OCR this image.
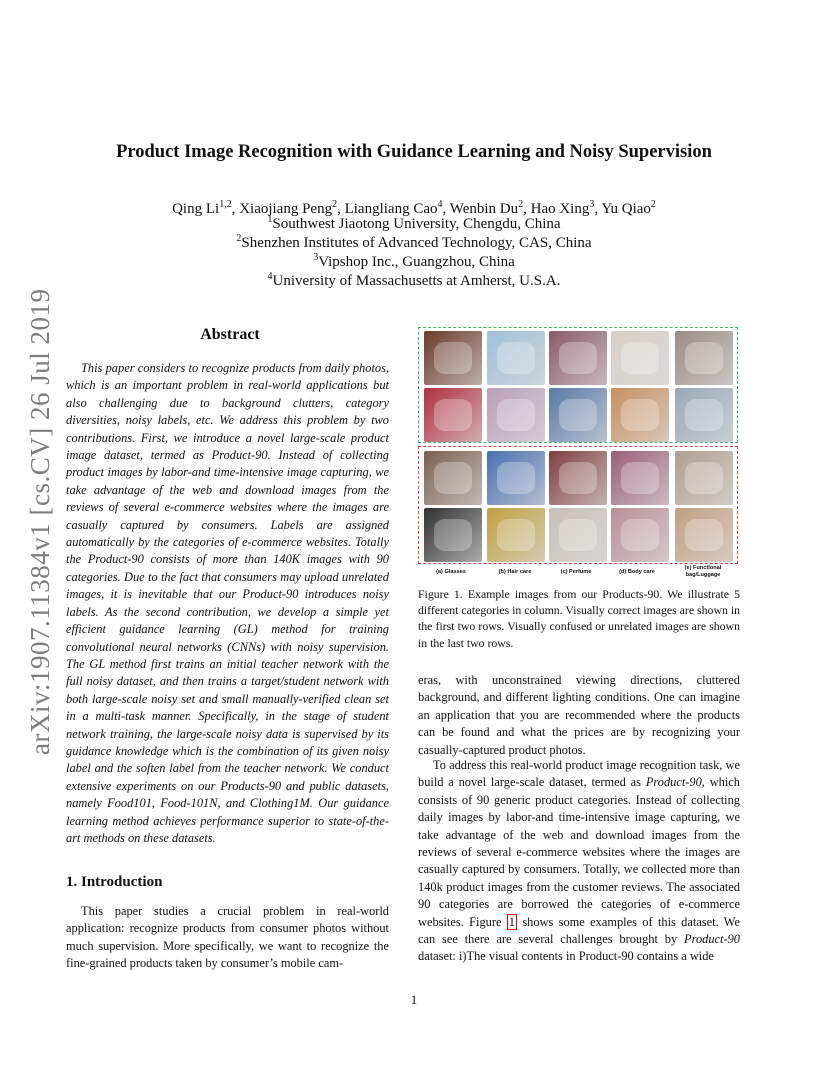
arXiv:1907.11384v1 [cs.CV] 26 Jul 2019
Product Image Recognition with Guidance Learning and Noisy Supervision
Qing Li$^{1,2}$, Xiaojiang Peng$^2$, Liangliang Cao$^4$, Wenbin Du$^2$, Hao Xing$^3$, Yu Qiao$^2$
$^1$Southwest Jiaotong University, Chengdu, China
$^2$Shenzhen Institutes of Advanced Technology, CAS, China
$^3$Vipshop Inc., Guangzhou, China
$^4$University of Massachusetts at Amherst, U.S.A.
Abstract
This paper considers to recognize products from daily photos, which is an important problem in real-world applications but also challenging due to background clutters, category diversities, noisy labels, etc. We address this problem by two contributions. First, we introduce a novel large-scale product image dataset, termed as Product-90. Instead of collecting product images by labor-and time-intensive image capturing, we take advantage of the web and download images from the reviews of several e-commerce websites where the images are casually captured by consumers. Labels are assigned automatically by the categories of e-commerce websites. Totally the Product-90 consists of more than 140K images with 90 categories. Due to the fact that consumers may upload unrelated images, it is inevitable that our Product-90 introduces noisy labels. As the second contribution, we develop a simple yet efficient guidance learning (GL) method for training convolutional neural networks (CNNs) with noisy supervision. The GL method first trains an initial teacher network with the full noisy dataset, and then trains a target/student network with both large-scale noisy set and small manually-verified clean set in a multi-task manner. Specifically, in the stage of student network training, the large-scale noisy data is supervised by its guidance knowledge which is the combination of its given noisy label and the soften label from the teacher network. We conduct extensive experiments on our Products-90 and public datasets, namely Food101, Food-101N, and Clothing1M. Our guidance learning method achieves performance superior to state-of-the-art methods on these datasets.
1. Introduction
This paper studies a crucial problem in real-world application: recognize products from consumer photos without much supervision. More specifically, we want to recognize the fine-grained products taken by consumer’s mobile cam-
(a) Glasses	(b) Hair care	(c) Perfume	(d) Body care
(e) Functional bag/Luggage
Figure 1. Example images from our Products-90. We illustrate 5 different categories in column. Visually correct images are shown in the first two rows. Visually confused or unrelated images are shown in the last two rows.
eras, with unconstrained viewing directions, cluttered background, and different lighting conditions. One can imagine an application that you are recommended where the products can be found and what the prices are by recognizing your casually-captured product photos.
To address this real-world product image recognition task, we build a novel large-scale dataset, termed as Product-90, which consists of 90 generic product categories. Instead of collecting daily images by labor-and time-intensive image capturing, we take advantage of the web and download images from the reviews of several e-commerce websites where the images are casually captured by consumers. Totally, we collected more than 140k product images from the customer reviews. The associated 90 categories are borrowed the categories of e-commerce websites. Figure 1 shows some examples of this dataset. We can see there are several challenges brought by Product-90 dataset: i)The visual contents in Product-90 contains a wide
1
